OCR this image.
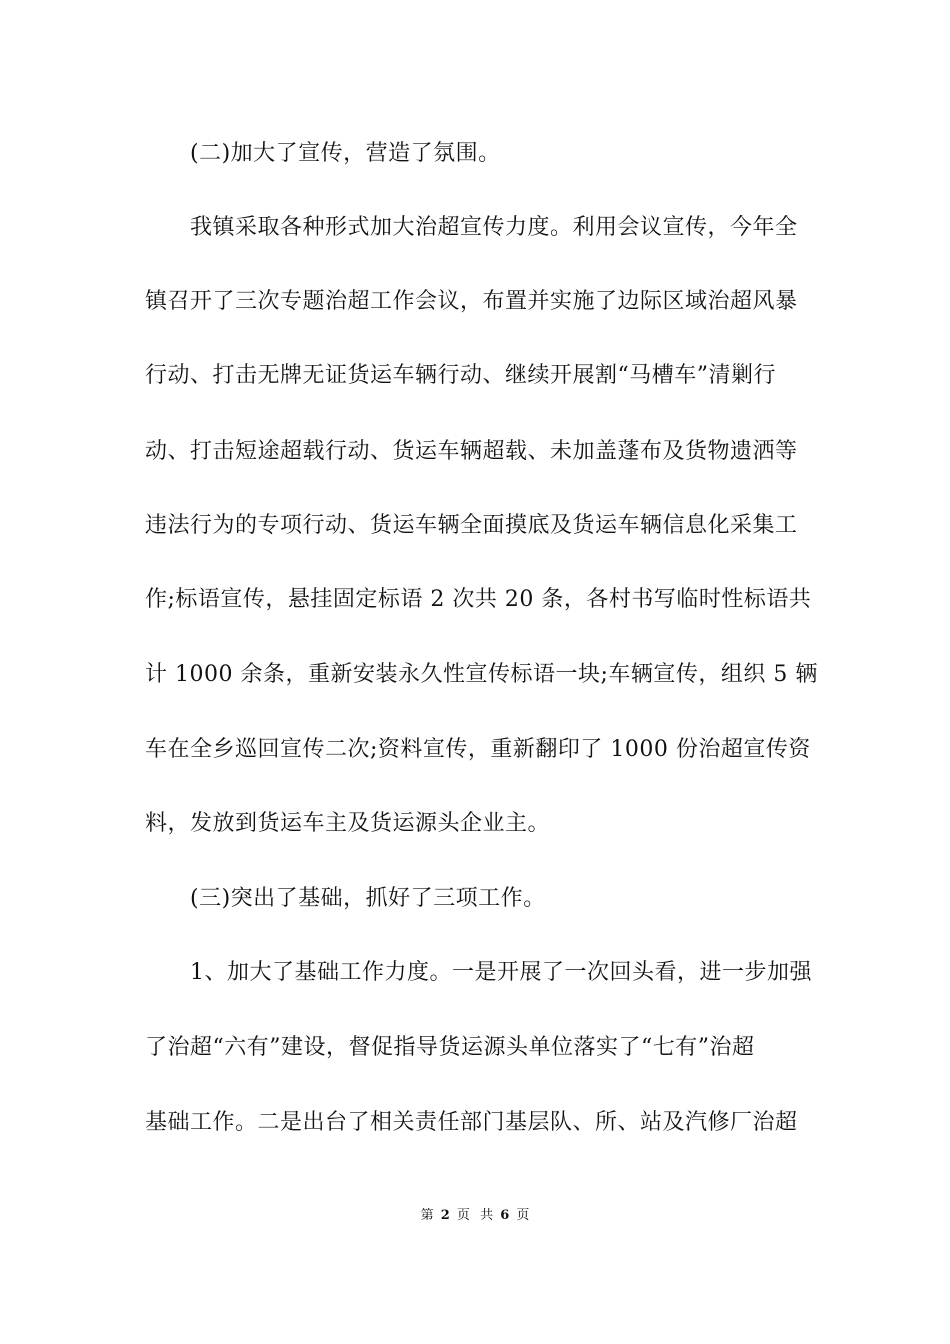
(二)加大了宣传，营造了氛围。
我镇采取各种形式加大治超宣传力度。利用会议宣传，今年全
镇召开了三次专题治超工作会议，布置并实施了边际区域治超风暴
行动、打击无牌无证货运车辆行动、继续开展割“马槽车”清剿行
动、打击短途超载行动、货运车辆超载、未加盖蓬布及货物遗洒等
违法行为的专项行动、货运车辆全面摸底及货运车辆信息化采集工
作;标语宣传，悬挂固定标语 2 次共 20 条，各村书写临时性标语共
计 1000 余条，重新安装永久性宣传标语一块;车辆宣传，组织 5 辆
车在全乡巡回宣传二次;资料宣传，重新翻印了 1000 份治超宣传资
料，发放到货运车主及货运源头企业主。
(三)突出了基础，抓好了三项工作。
1、加大了基础工作力度。一是开展了一次回头看，进一步加强
了治超“六有”建设，督促指导货运源头单位落实了“七有”治超
基础工作。二是出台了相关责任部门基层队、所、站及汽修厂治超
第 2 页 共 6 页
